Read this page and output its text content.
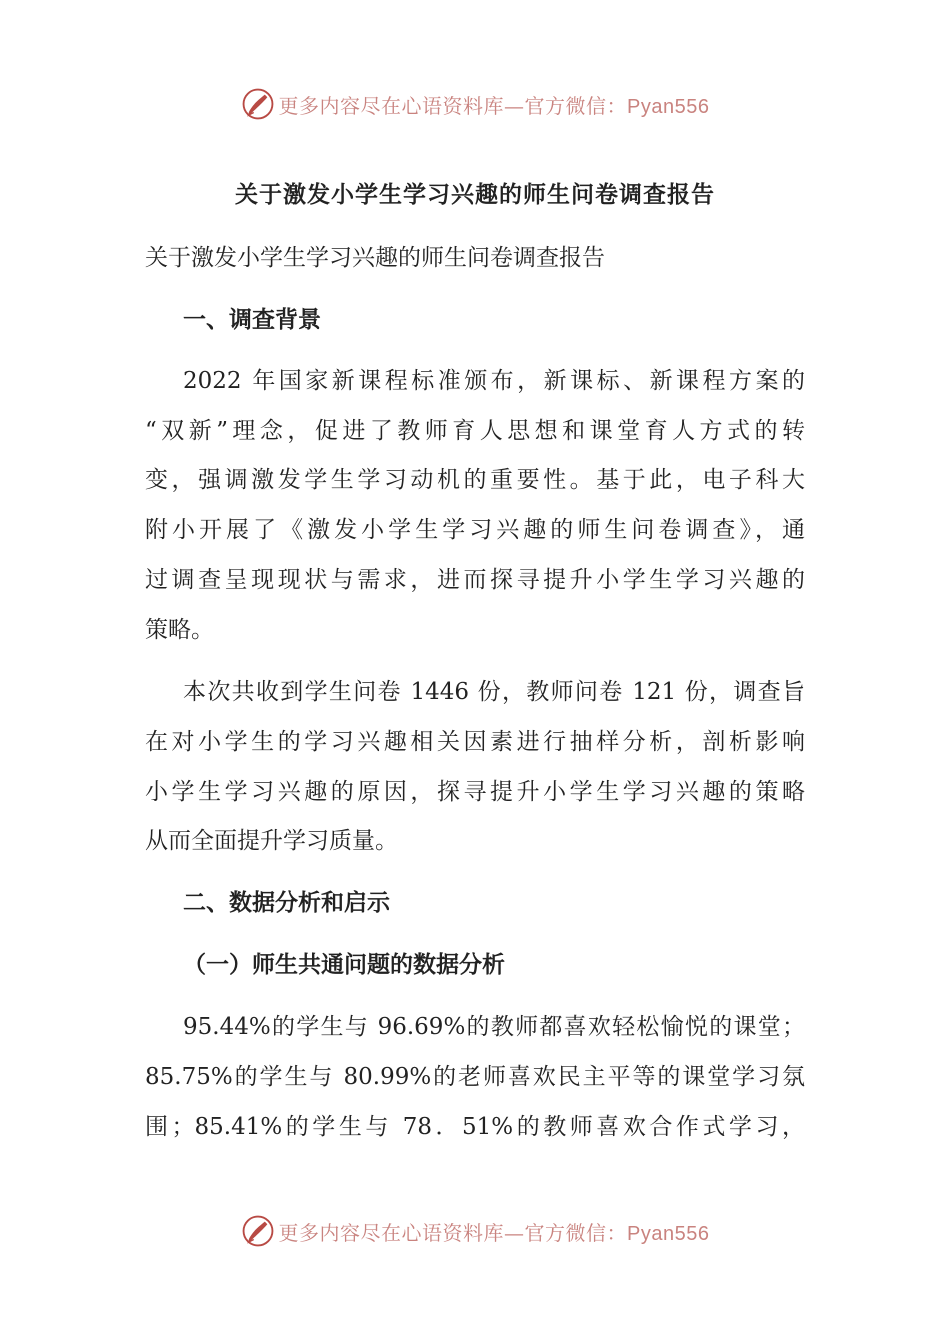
更多内容尽在心语资料库—官方微信：Pyan556
关于激发小学生学习兴趣的师生问卷调查报告
关于激发小学生学习兴趣的师生问卷调查报告
一、调查背景
2022 年国家新课程标准颁布，新课标、新课程方案的
“双新”理念，促进了教师育人思想和课堂育人方式的转
变，强调激发学生学习动机的重要性。基于此，电子科大
附小开展了《激发小学生学习兴趣的师生问卷调查》，通
过调查呈现现状与需求，进而探寻提升小学生学习兴趣的
策略。
本次共收到学生问卷 1446 份，教师问卷 121 份，调查旨
在对小学生的学习兴趣相关因素进行抽样分析，剖析影响
小学生学习兴趣的原因，探寻提升小学生学习兴趣的策略
从而全面提升学习质量。
二、数据分析和启示
（一）师生共通问题的数据分析
95.44%的学生与 96.69%的教师都喜欢轻松愉悦的课堂；
85.75%的学生与 80.99%的老师喜欢民主平等的课堂学习氛
围；85.41%的学生与 78．51%的教师喜欢合作式学习，
更多内容尽在心语资料库—官方微信：Pyan556
